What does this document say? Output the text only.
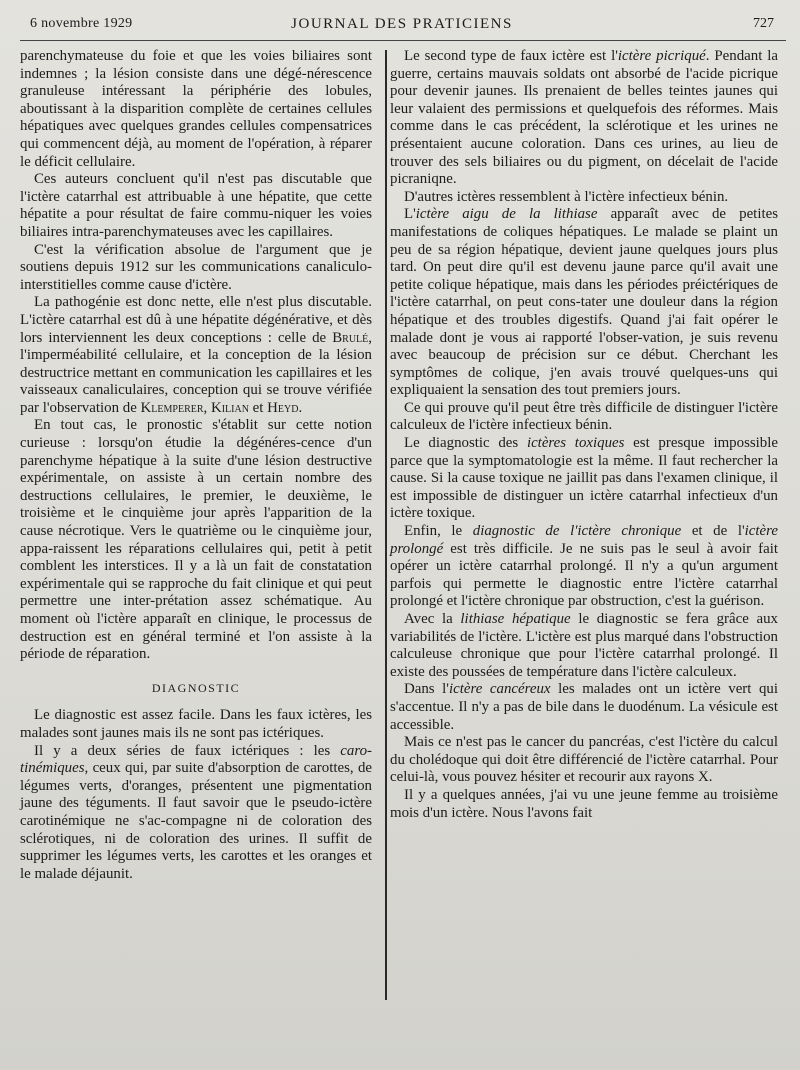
6 novembre 1929	JOURNAL DES PRATICIENS	727

parenchymateuse du foie et que les voies biliaires sont indemnes ; la lésion consiste dans une dégé-nérescence granuleuse intéressant la périphérie des lobules, aboutissant à la disparition complète de certaines cellules hépatiques avec quelques grandes cellules compensatrices qui commencent déjà, au moment de l'opération, à réparer le déficit cellulaire.

Ces auteurs concluent qu'il n'est pas discutable que l'ictère catarrhal est attribuable à une hépatite, que cette hépatite a pour résultat de faire commu-niquer les voies biliaires intra-parenchymateuses avec les capillaires.

C'est la vérification absolue de l'argument que je soutiens depuis 1912 sur les communications canaliculo-interstitielles comme cause d'ictère.

La pathogénie est donc nette, elle n'est plus discutable. L'ictère catarrhal est dû à une hépatite dégénérative, et dès lors interviennent les deux conceptions : celle de Brulé, l'imperméabilité cellulaire, et la conception de la lésion destructrice mettant en communication les capillaires et les vaisseaux canaliculaires, conception qui se trouve vérifiée par l'observation de Klemperer, Kilian et Heyd.

En tout cas, le pronostic s'établit sur cette notion curieuse : lorsqu'on étudie la dégénéres-cence d'un parenchyme hépatique à la suite d'une lésion destructive expérimentale, on assiste à un certain nombre des destructions cellulaires, le premier, le deuxième, le troisième et le cinquième jour après l'apparition de la cause nécrotique. Vers le quatrième ou le cinquième jour, appa-raissent les réparations cellulaires qui, petit à petit comblent les interstices. Il y a là un fait de constatation expérimentale qui se rapproche du fait clinique et qui peut permettre une inter-prétation assez schématique. Au moment où l'ictère apparaît en clinique, le processus de destruction est en général terminé et l'on assiste à la période de réparation.

DIAGNOSTIC

Le diagnostic est assez facile. Dans les faux ictères, les malades sont jaunes mais ils ne sont pas ictériques.

Il y a deux séries de faux ictériques : les caro-tinémiques, ceux qui, par suite d'absorption de carottes, de légumes verts, d'oranges, présentent une pigmentation jaune des téguments. Il faut savoir que le pseudo-ictère carotinémique ne s'ac-compagne ni de coloration des sclérotiques, ni de coloration des urines. Il suffit de supprimer les légumes verts, les carottes et les oranges et le malade déjaunit.

Le second type de faux ictère est l'ictère picriqué. Pendant la guerre, certains mauvais soldats ont absorbé de l'acide picrique pour devenir jaunes. Ils prenaient de belles teintes jaunes qui leur valaient des permissions et quelquefois des réformes. Mais comme dans le cas précédent, la sclérotique et les urines ne présentaient aucune coloration. Dans ces urines, au lieu de trouver des sels biliaires ou du pigment, on décelait de l'acide picraniqne.

D'autres ictères ressemblent à l'ictère infectieux bénin.

L'ictère aigu de la lithiase apparaît avec de petites manifestations de coliques hépatiques. Le malade se plaint un peu de sa région hépatique, devient jaune quelques jours plus tard. On peut dire qu'il est devenu jaune parce qu'il avait une petite colique hépatique, mais dans les périodes préictériques de l'ictère catarrhal, on peut cons-tater une douleur dans la région hépatique et des troubles digestifs. Quand j'ai fait opérer le malade dont je vous ai rapporté l'obser-vation, je suis revenu avec beaucoup de précision sur ce début. Cherchant les symptômes de colique, j'en avais trouvé quelques-uns qui expliquaient la sensation des tout premiers jours.

Ce qui prouve qu'il peut être très difficile de distinguer l'ictère calculeux de l'ictère infectieux bénin.

Le diagnostic des ictères toxiques est presque impossible parce que la symptomatologie est la même. Il faut rechercher la cause. Si la cause toxique ne jaillit pas dans l'examen clinique, il est impossible de distinguer un ictère catarrhal infectieux d'un ictère toxique.

Enfin, le diagnostic de l'ictère chronique et de l'ictère prolongé est très difficile. Je ne suis pas le seul à avoir fait opérer un ictère catarrhal prolongé. Il n'y a qu'un argument parfois qui permette le diagnostic entre l'ictère catarrhal prolongé et l'ictère chronique par obstruction, c'est la guérison.

Avec la lithiase hépatique le diagnostic se fera grâce aux variabilités de l'ictère. L'ictère est plus marqué dans l'obstruction calculeuse chronique que pour l'ictère catarrhal prolongé. Il existe des poussées de température dans l'ictère calculeux.

Dans l'ictère cancéreux les malades ont un ictère vert qui s'accentue. Il n'y a pas de bile dans le duodénum. La vésicule est accessible.

Mais ce n'est pas le cancer du pancréas, c'est l'ictère du calcul du cholédoque qui doit être différencié de l'ictère catarrhal. Pour celui-là, vous pouvez hésiter et recourir aux rayons X.

Il y a quelques années, j'ai vu une jeune femme au troisième mois d'un ictère. Nous l'avons fait
